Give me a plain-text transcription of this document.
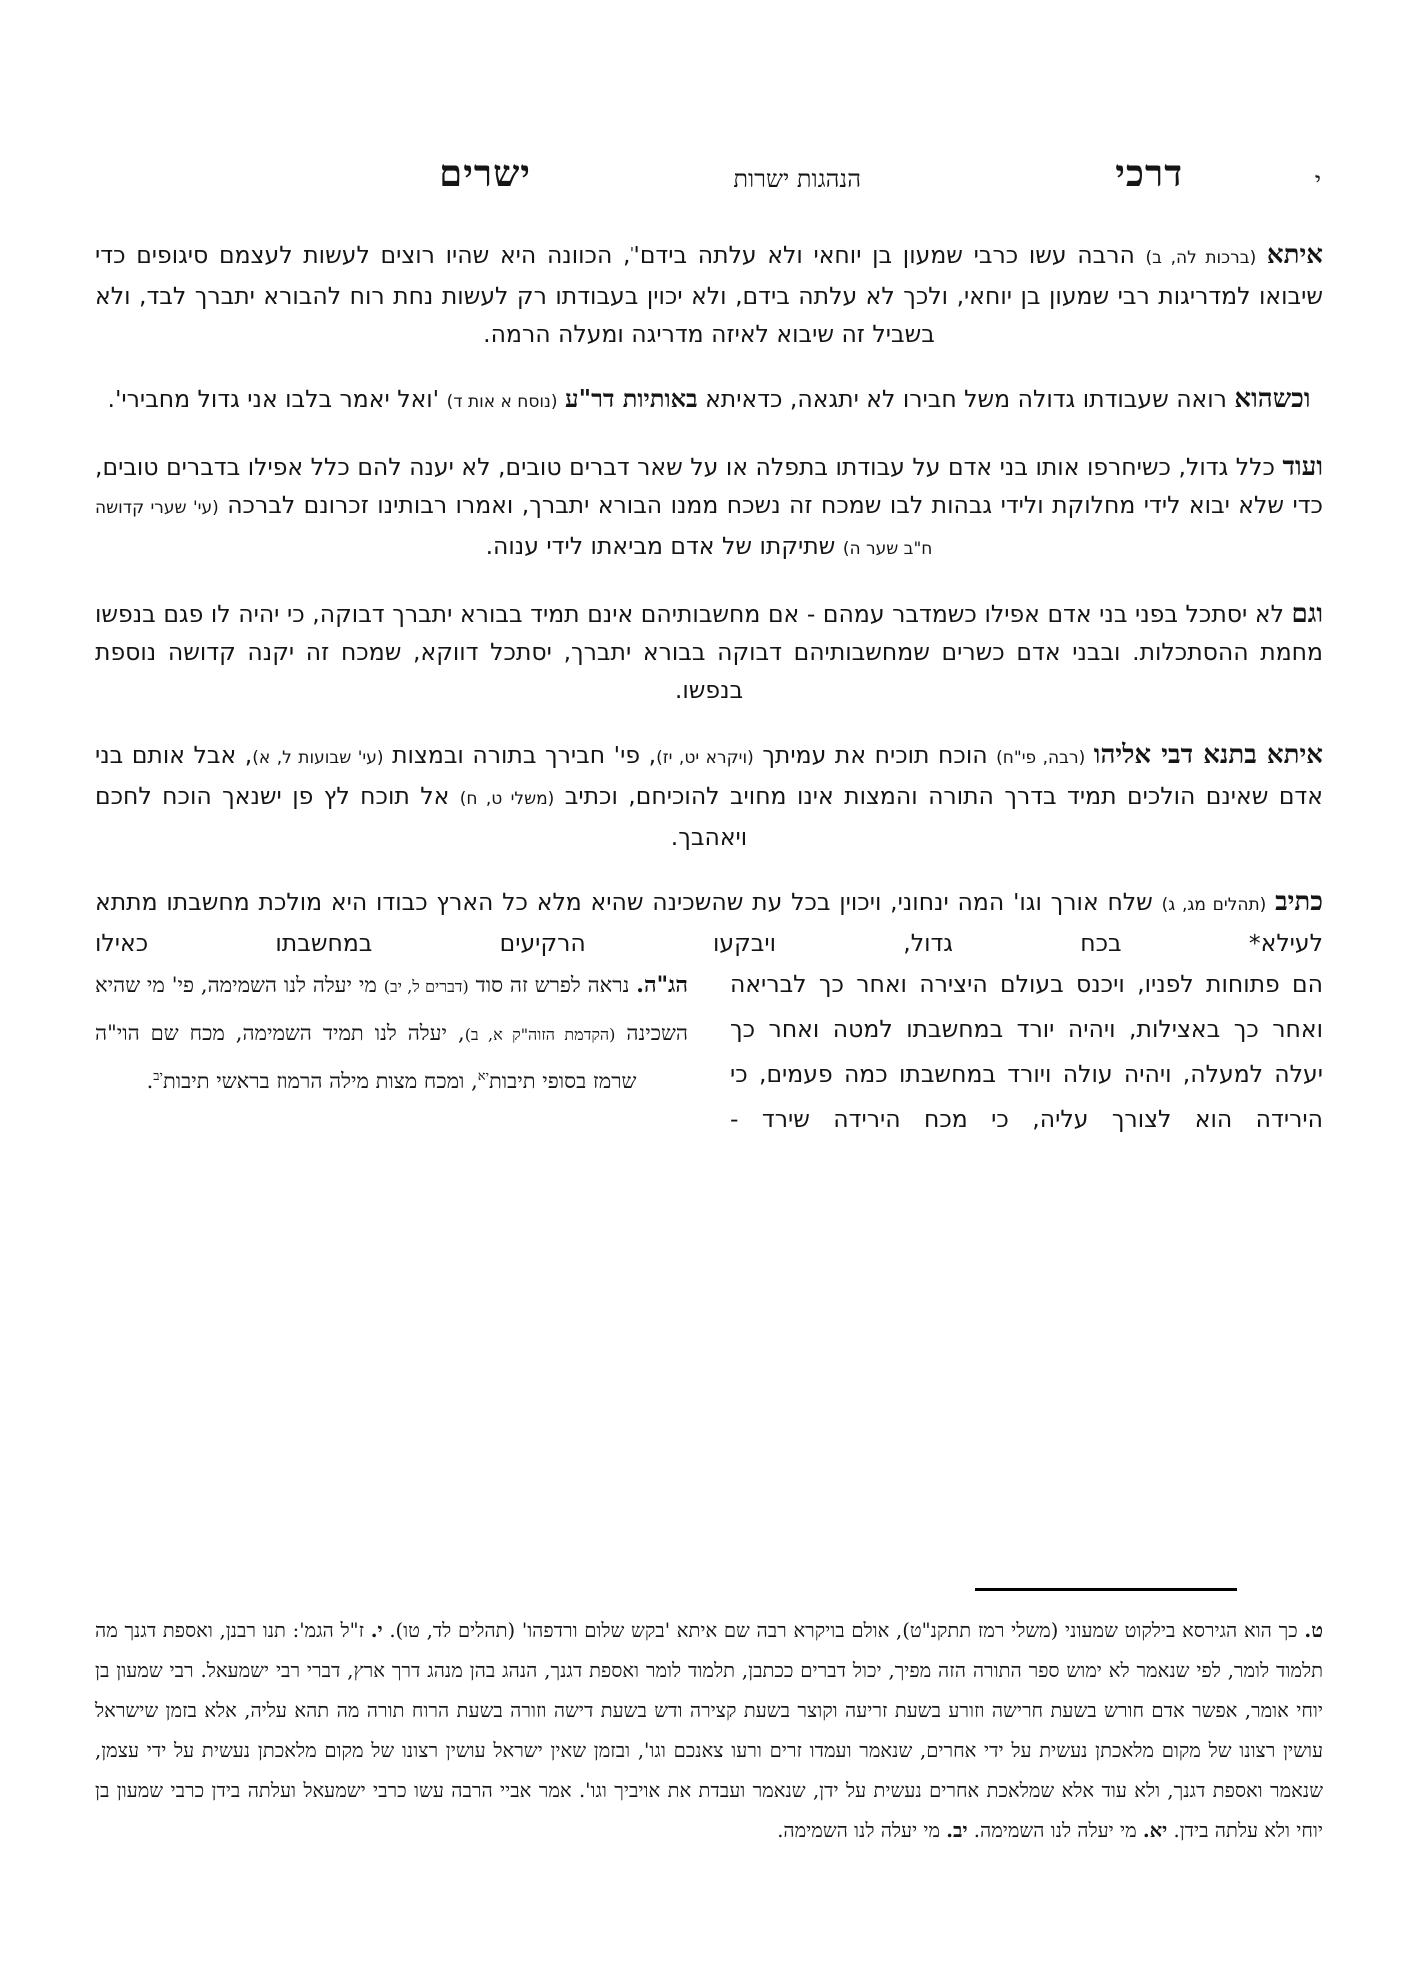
דרכי
הנהגות ישרות
ישרים	י

איתא (ברכות לה, ב) הרבה עשו כרבי שמעון בן יוחאי ולא עלתה בידם'$^י$, הכוונה היא שהיו רוצים לעשות לעצמם סיגופים כדי שיבואו למדריגות רבי שמעון בן יוחאי, ולכך לא עלתה בידם, ולא יכוין בעבודתו רק לעשות נחת רוח להבורא יתברך לבד, ולא בשביל זה שיבוא לאיזה מדריגה ומעלה הרמה.

וכשהוא רואה שעבודתו גדולה משל חבירו לא יתגאה, כדאיתא באותיות דר"ע (נוסח א אות ד) 'ואל יאמר בלבו אני גדול מחבירי'.

ועוד כלל גדול, כשיחרפו אותו בני אדם על עבודתו בתפלה או על שאר דברים טובים, לא יענה להם כלל אפילו בדברים טובים, כדי שלא יבוא לידי מחלוקת ולידי גבהות לבו שמכח זה נשכח ממנו הבורא יתברך, ואמרו רבותינו זכרונם לברכה (עי' שערי קדושה ח"ב שער ה) שתיקתו של אדם מביאתו לידי ענוה.

וגם לא יסתכל בפני בני אדם אפילו כשמדבר עמהם - אם מחשבותיהם אינם תמיד בבורא יתברך דבוקה, כי יהיה לו פגם בנפשו מחמת ההסתכלות. ובבני אדם כשרים שמחשבותיהם דבוקה בבורא יתברך, יסתכל דווקא, שמכח זה יקנה קדושה נוספת בנפשו.

איתא בתנא דבי אליהו (רבה, פי"ח) הוכח תוכיח את עמיתך (ויקרא יט, יז), פי' חבירך בתורה ובמצות (עי' שבועות ל, א), אבל אותם בני אדם שאינם הולכים תמיד בדרך התורה והמצות אינו מחויב להוכיחם, וכתיב (משלי ט, ח) אל תוכח לץ פן ישנאך הוכח לחכם ויאהבך.

כתיב (תהלים מג, ג) שלח אורך וגו' המה ינחוני, ויכוין בכל עת שהשכינה שהיא מלא כל הארץ כבודו היא מולכת מחשבתו מתתא לעילא* בכח גדול, ויבקעו הרקיעים במחשבתו כאילו

הם פתוחות לפניו, ויכנס בעולם היצירה ואחר כך לבריאה ואחר כך באצילות, ויהיה יורד במחשבתו למטה ואחר כך יעלה למעלה, ויהיה עולה ויורד במחשבתו כמה פעמים, כי הירידה הוא לצורך עליה, כי מכח הירידה שירד -
הג"ה. נראה לפרש זה סוד (דברים ל, יב) מי יעלה לנו השמימה, פי' מי שהיא השכינה (הקדמת הזוה"ק א, ב), יעלה לנו תמיד השמימה, מכח שם הוי"ה שרמז בסופי תיבות$^{יא}$, ומכח מצות מילה הרמוז בראשי תיבות$^{יב}$.

ט. כך הוא הגירסא בילקוט שמעוני (משלי רמז תתקנ"ט), אולם בויקרא רבה שם איתא 'בקש שלום ורדפהו' (תהלים לד, טו). י. ז"ל הגמ': תנו רבנן, ואספת דגנך מה תלמוד לומר, לפי שנאמר לא ימוש ספר התורה הזה מפיך, יכול דברים ככתבן, תלמוד לומר ואספת דגנך, הנהג בהן מנהג דרך ארץ, דברי רבי ישמעאל. רבי שמעון בן יוחי אומר, אפשר אדם חורש בשעת חרישה וזורע בשעת זריעה וקוצר בשעת קצירה ודש בשעת דישה וזורה בשעת הרוח תורה מה תהא עליה, אלא בזמן שישראל עושין רצונו של מקום מלאכתן נעשית על ידי אחרים, שנאמר ועמדו זרים ורעו צאנכם וגו', ובזמן שאין ישראל עושין רצונו של מקום מלאכתן נעשית על ידי עצמן, שנאמר ואספת דגנך, ולא עוד אלא שמלאכת אחרים נעשית על ידן, שנאמר ועבדת את אויביך וגו'. אמר אביי הרבה עשו כרבי ישמעאל ועלתה בידן כרבי שמעון בן יוחי ולא עלתה בידן. יא. מי יעלה לנו השמימה. יב. מי יעלה לנו השמימה.
